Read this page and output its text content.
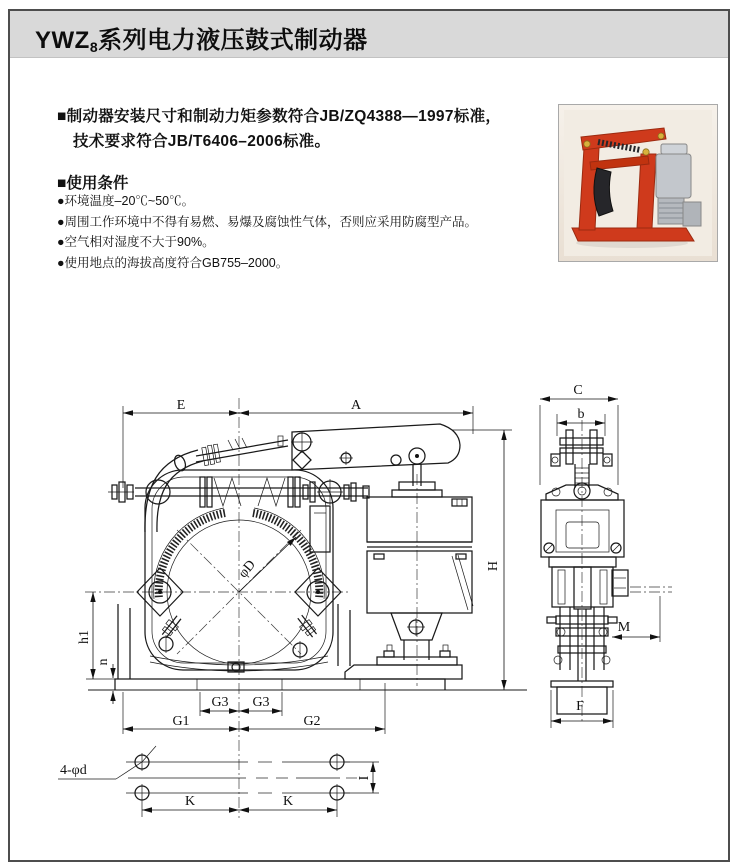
$YWZ_8$系列电力液压鼓式制动器
■制动器安装尺寸和制动力矩参数符合JB/ZQ4388—1997标准，
技术要求符合JB/T6406–2006标准。
■使用条件
●环境温度–20℃~50℃。
●周围工作环境中不得有易燃、易爆及腐蚀性气体，否则应采用防腐型产品。
●空气相对湿度不大于90%。
●使用地点的海拔高度符合GB755–2000。
E	A
H
h1
n
G3 G3
G1	G2
φD
C
b
M
F
4-φd
K	K
I
